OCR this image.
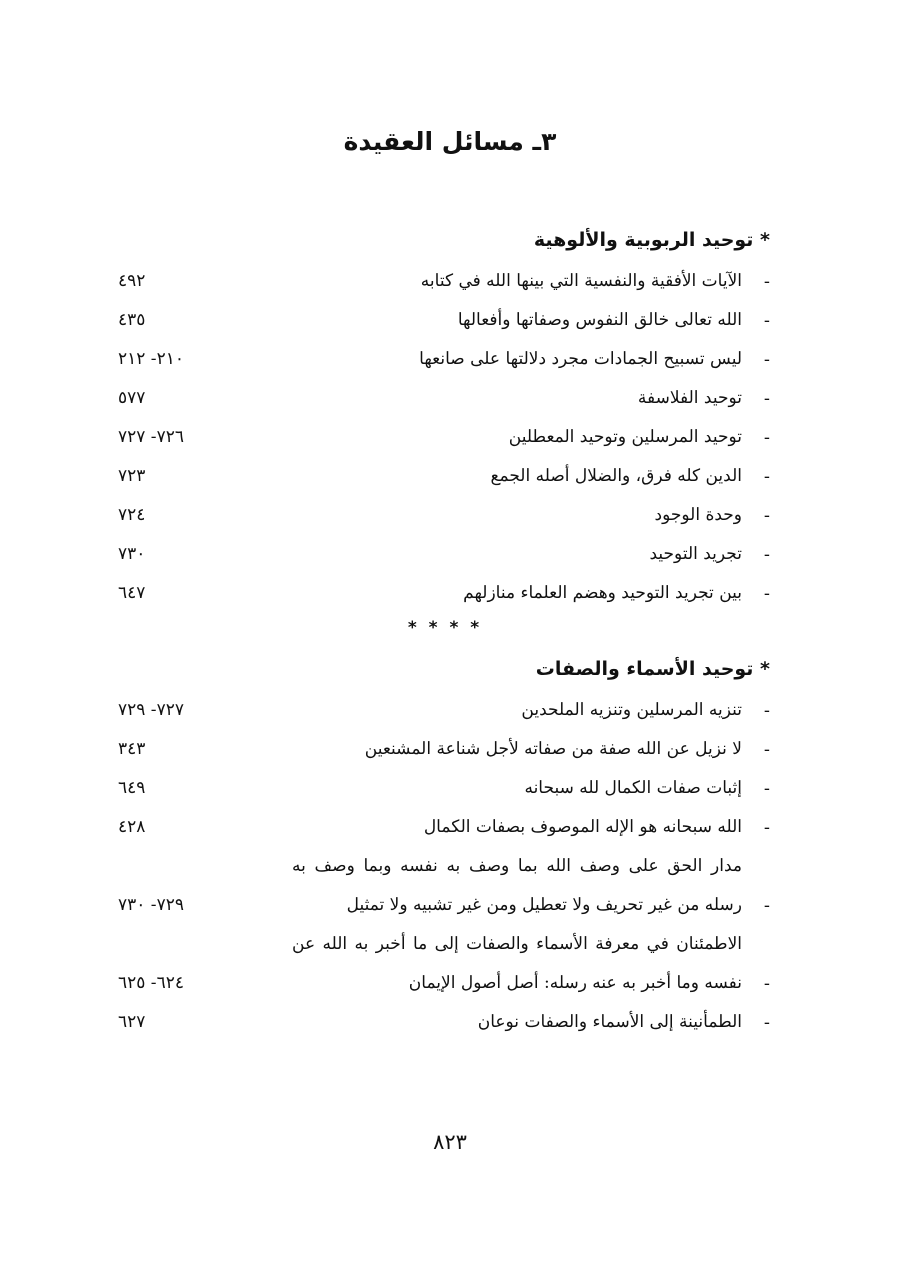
٣ـ مسائل العقيدة
* توحيد الربوبية والألوهية
-
الآيات الأفقية والنفسية التي بينها الله في كتابه
٤٩٢
-
الله تعالى خالق النفوس وصفاتها وأفعالها
٤٣٥
-
ليس تسبيح الجمادات مجرد دلالتها على صانعها
٢١٠- ٢١٢
-
توحيد الفلاسفة
٥٧٧
-
توحيد المرسلين وتوحيد المعطلين
٧٢٦- ٧٢٧
-
الدين كله فرق، والضلال أصله الجمع
٧٢٣
-
وحدة الوجود
٧٢٤
-
تجريد التوحيد
٧٣٠
-
بين تجريد التوحيد وهضم العلماء منازلهم
٦٤٧
* * * *
* توحيد الأسماء والصفات
-
تنزيه المرسلين وتنزيه الملحدين
٧٢٧- ٧٢٩
-
لا نزيل عن الله صفة من صفاته لأجل شناعة المشنعين
٣٤٣
-
إثبات صفات الكمال لله سبحانه
٦٤٩
-
الله سبحانه هو الإله الموصوف بصفات الكمال
٤٢٨
-
مدار الحق على وصف الله بما وصف به نفسه وبما وصف به رسله من غير تحريف ولا تعطيل ومن غير تشبيه ولا تمثيل
٧٢٩- ٧٣٠
-
الاطمئنان في معرفة الأسماء والصفات إلى ما أخبر به الله عن نفسه وما أخبر به عنه رسله: أصل أصول الإيمان
٦٢٤- ٦٢٥
-
الطمأنينة إلى الأسماء والصفات نوعان
٦٢٧
٨٢٣
